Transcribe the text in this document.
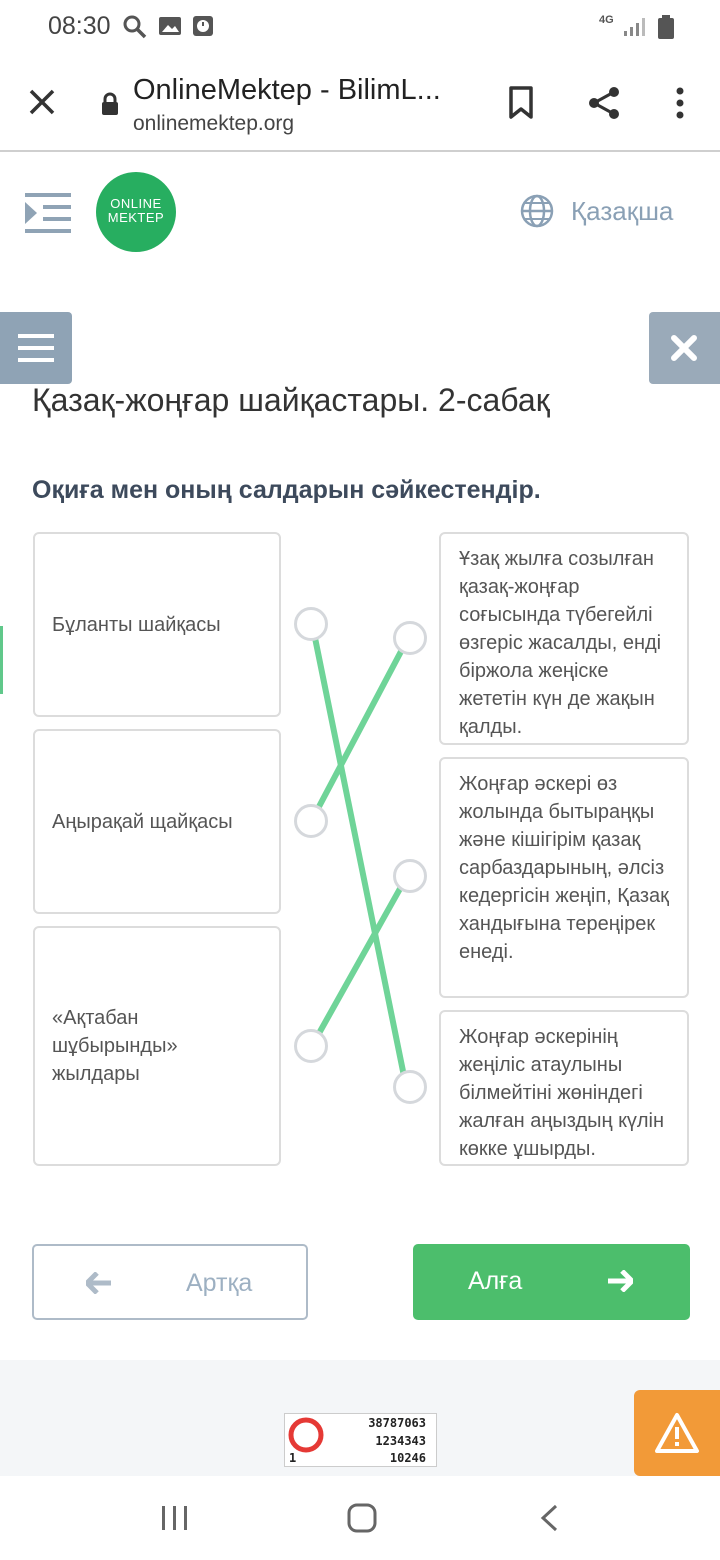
08:30	4G
OnlineMektep - BilimL...
onlinemektep.org
ONLINE
MEKTEP	Қазақша
Қазақ-жоңғар шайқастары. 2-сабақ
Оқиға мен оның салдарын сәйкестендір.
Бұланты шайқасы
Аңырақай щайқасы
«Ақтабан шұбырынды» жылдары
Ұзақ жылға созылған қазақ-жоңғар соғысында түбегейлі өзгеріс жасалды, енді біржола жеңіске жететін күн де жақын қалды.
Жоңғар әскері өз жолында бытыраңқы және кішігірім қазақ сарбаздарының, әлсіз кедергісін жеңіп, Қазақ хандығына тереңірек енеді.
Жоңғар әскерінің жеңіліс атаулыны білмейтіні жөніндегі жалған аңыздың күлін көкке ұшырды.
Артқа	Алға
38787063
1234343
1	10246
